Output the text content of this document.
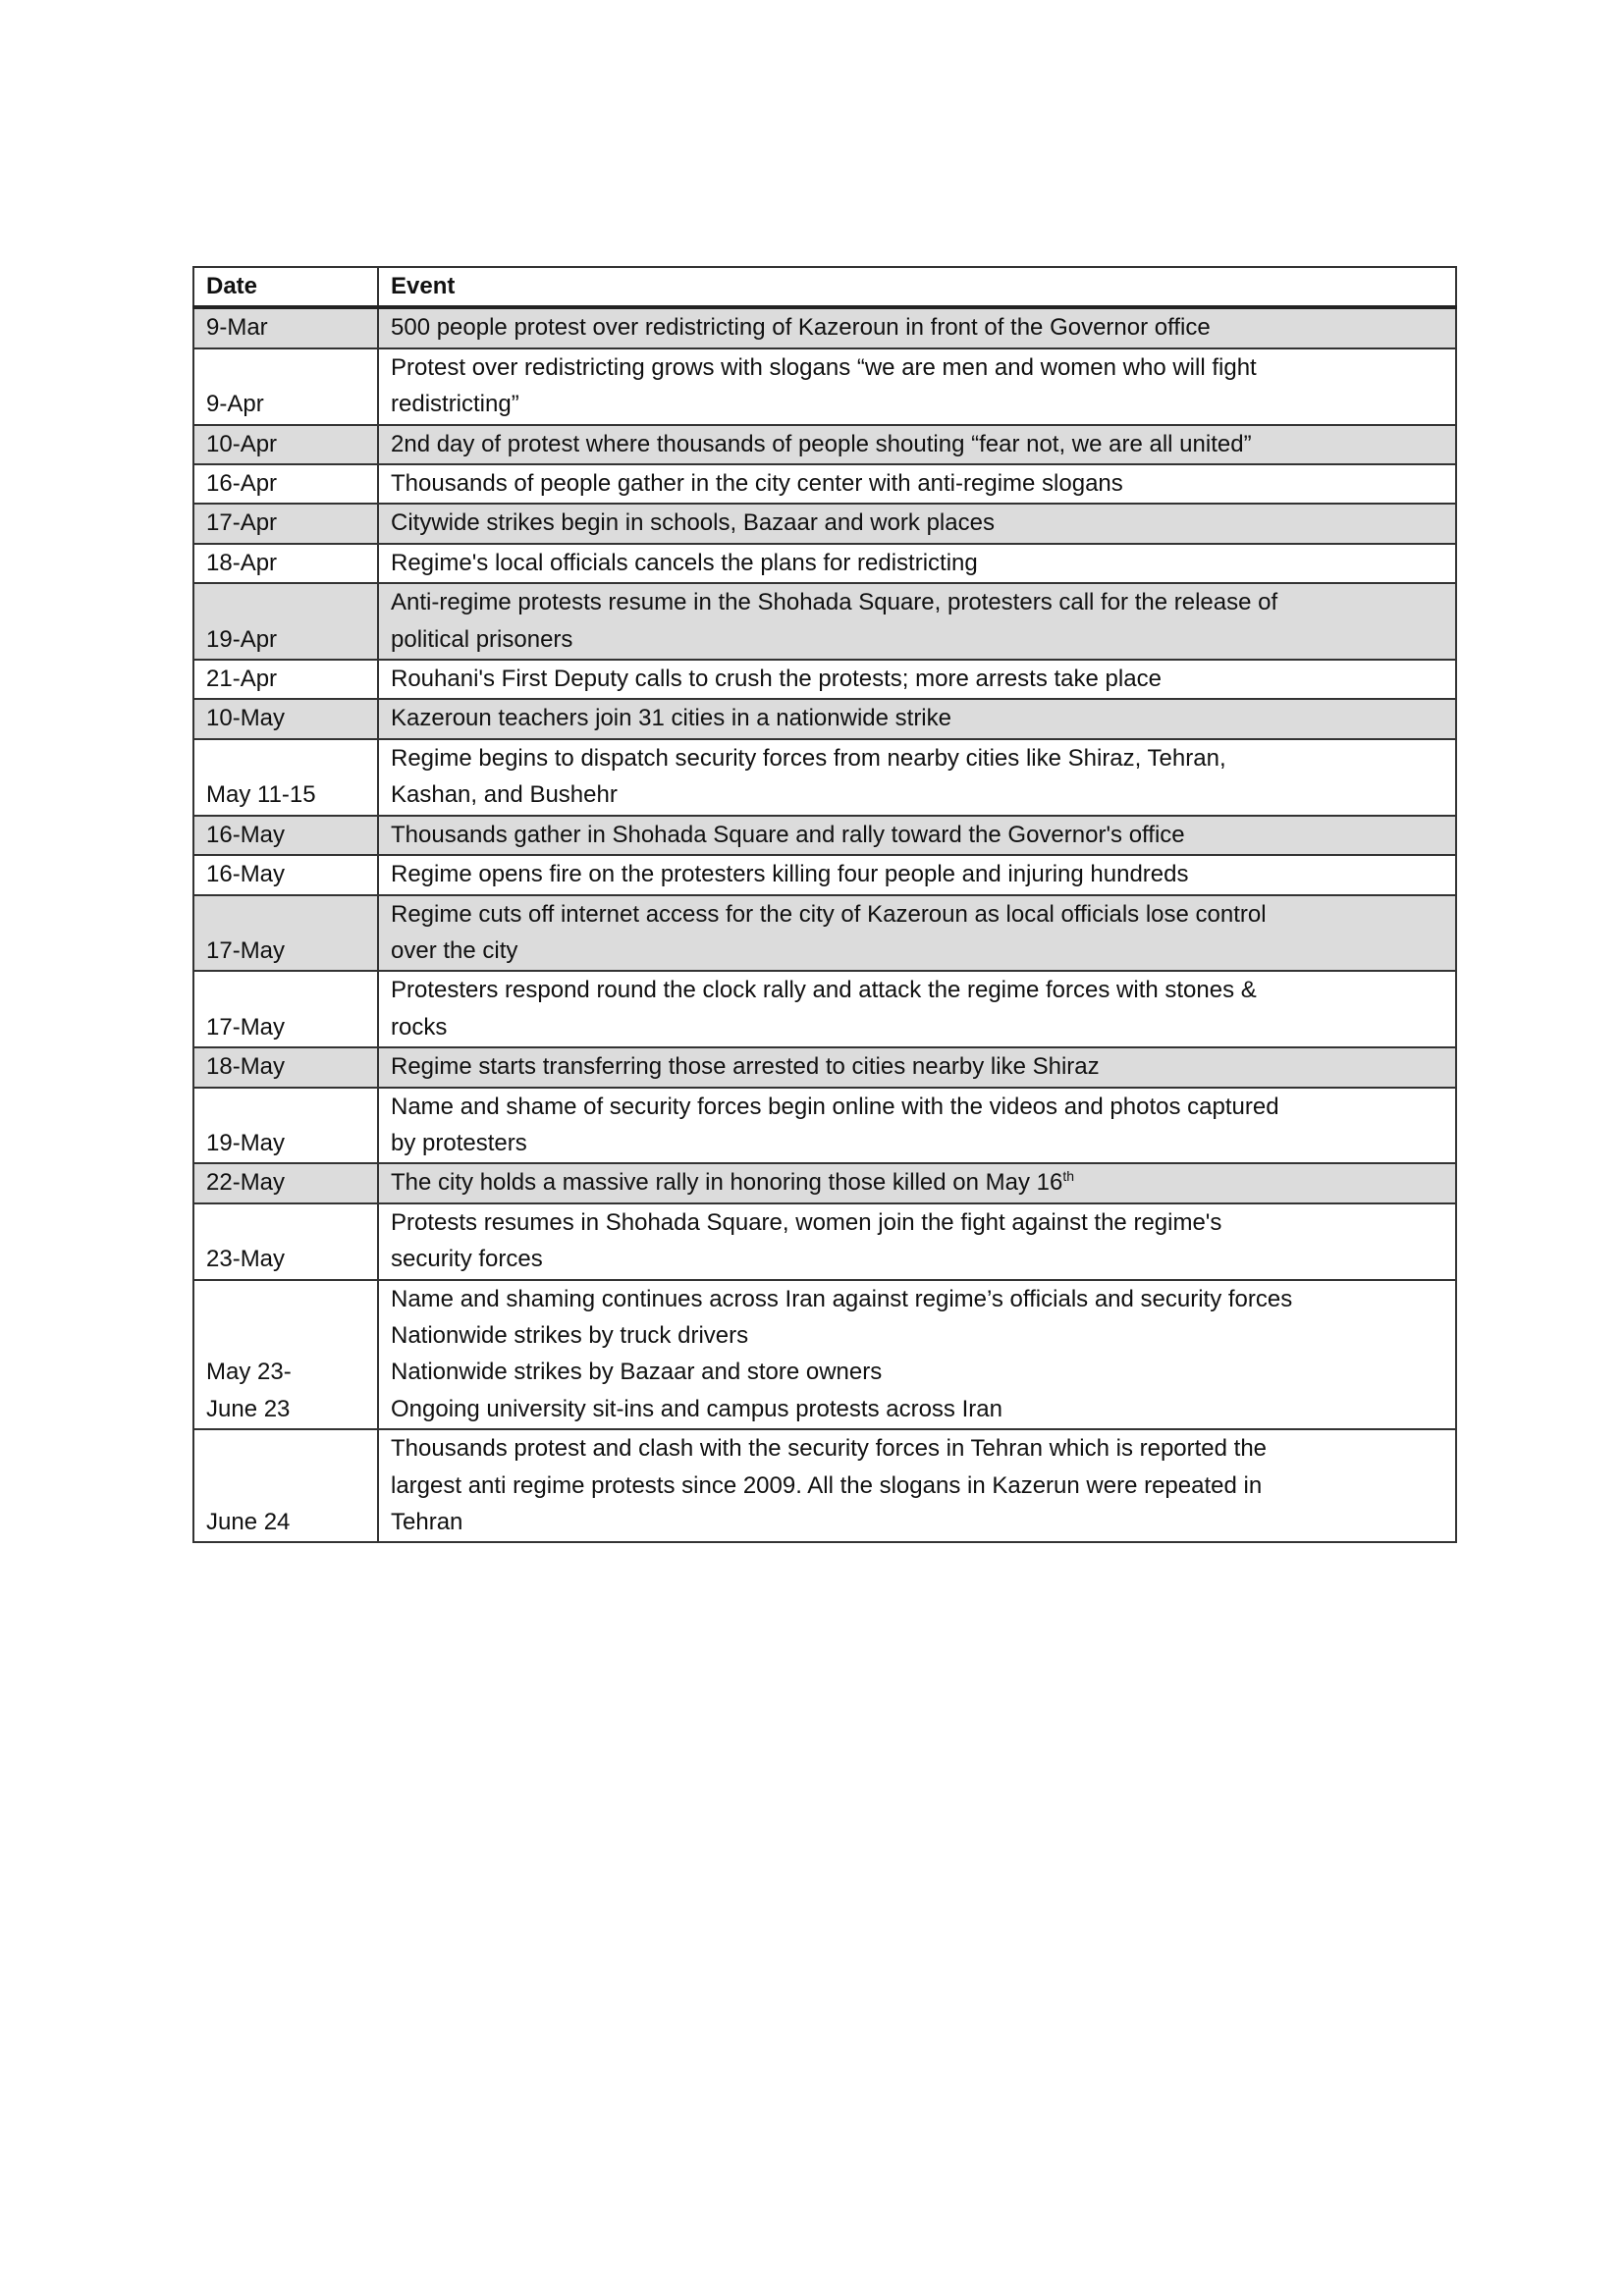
Date	Event
9-Mar	500 people protest over redistricting of Kazeroun in front of the Governor office

9-Apr	Protest over redistricting grows with slogans “we are men and women who will fight
redistricting”

10-Apr	2nd day of protest where thousands of people shouting “fear not, we are all united”

16-Apr	Thousands of people gather in the city center with anti-regime slogans

17-Apr	Citywide strikes begin in schools, Bazaar and work places

18-Apr	Regime's local officials cancels the plans for redistricting

19-Apr	Anti-regime protests resume in the Shohada Square, protesters call for the release of
political prisoners

21-Apr	Rouhani's First Deputy calls to crush the protests; more arrests take place

10-May	Kazeroun teachers join 31 cities in a nationwide strike

May 11-15	Regime begins to dispatch security forces from nearby cities like Shiraz, Tehran,
Kashan, and Bushehr

16-May	Thousands gather in Shohada Square and rally toward the Governor's office

16-May	Regime opens fire on the protesters killing four people and injuring hundreds

17-May	Regime cuts off internet access for the city of Kazeroun as local officials lose control
over the city

17-May	Protesters respond round the clock rally and attack the regime forces with stones &
rocks

18-May	Regime starts transferring those arrested to cities nearby like Shiraz

19-May	Name and shame of security forces begin online with the videos and photos captured
by protesters

22-May	The city holds a massive rally in honoring those killed on May 16th

23-May	Protests resumes in Shohada Square, women join the fight against the regime's
security forces

May 23-
June 23	Name and shaming continues across Iran against regime’s officials and security forces
Nationwide strikes by truck drivers
Nationwide strikes by Bazaar and store owners
Ongoing university sit-ins and campus protests across Iran

June 24	Thousands protest and clash with the security forces in Tehran which is reported the
largest anti regime protests since 2009. All the slogans in Kazerun were repeated in
Tehran
